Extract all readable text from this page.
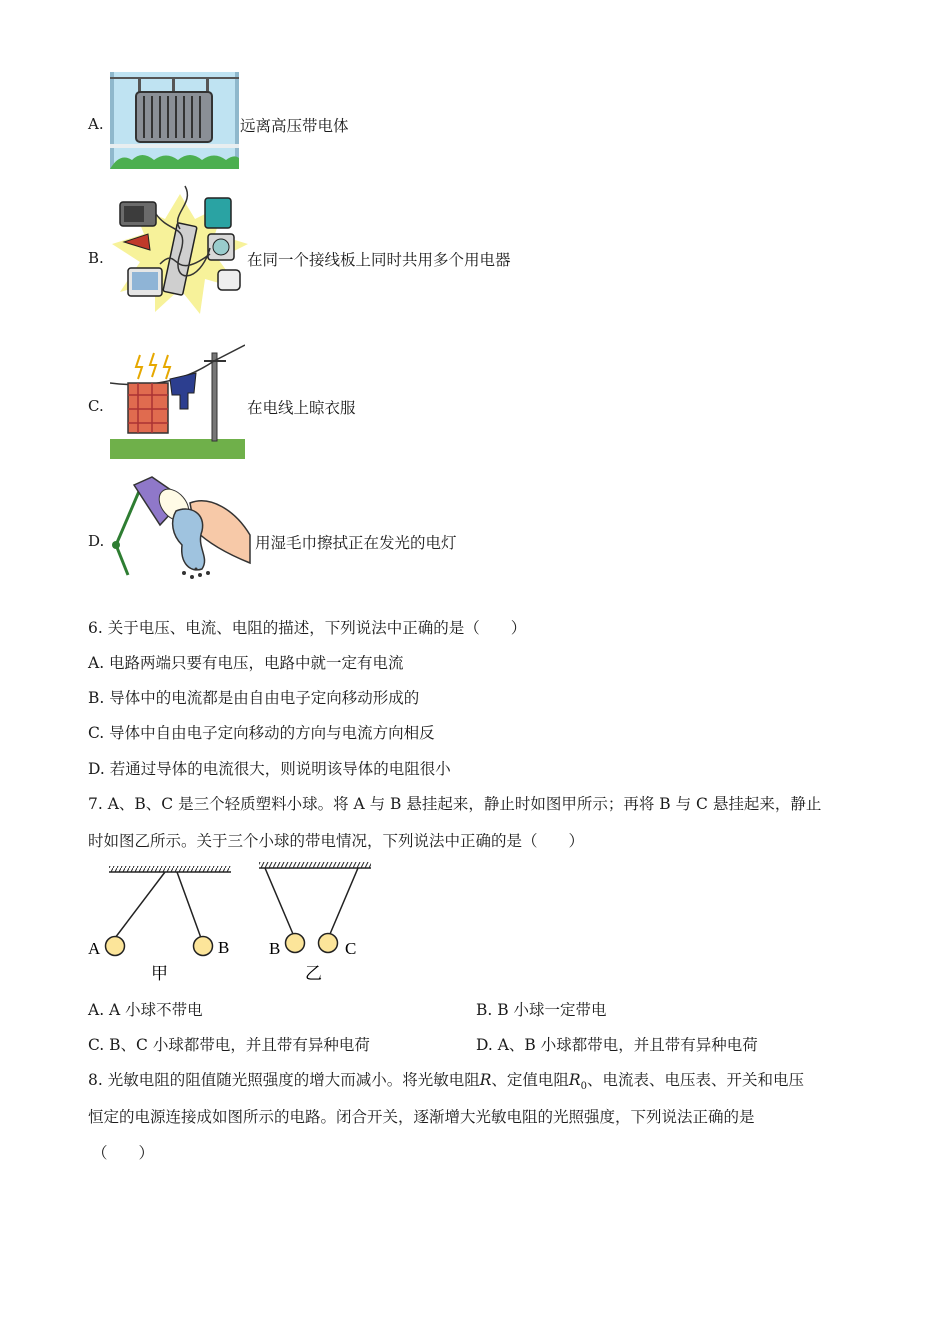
A.	远离高压带电体
B.	在同一个接线板上同时共用多个用电器
C.	在电线上晾衣服
D.	用湿毛巾擦拭正在发光的电灯
6. 关于电压、电流、电阻的描述，下列说法中正确的是（　　）
A. 电路两端只要有电压，电路中就一定有电流
B. 导体中的电流都是由自由电子定向移动形成的
C. 导体中自由电子定向移动的方向与电流方向相反
D. 若通过导体的电流很大，则说明该导体的电阻很小
7. A、B、C 是三个轻质塑料小球。将 A 与 B 悬挂起来，静止时如图甲所示；再将 B 与 C 悬挂起来，静止
时如图乙所示。关于三个小球的带电情况，下列说法中正确的是（　　）
A	B
甲
B	C
乙
A. A 小球不带电	B. B 小球一定带电
C. B、C 小球都带电，并且带有异种电荷	D. A、B 小球都带电，并且带有异种电荷
8. 光敏电阻的阻值随光照强度的增大而减小。将光敏电阻R、定值电阻$R_0$、电流表、电压表、开关和电压
恒定的电源连接成如图所示的电路。闭合开关，逐渐增大光敏电阻的光照强度，下列说法正确的是
（　　）
